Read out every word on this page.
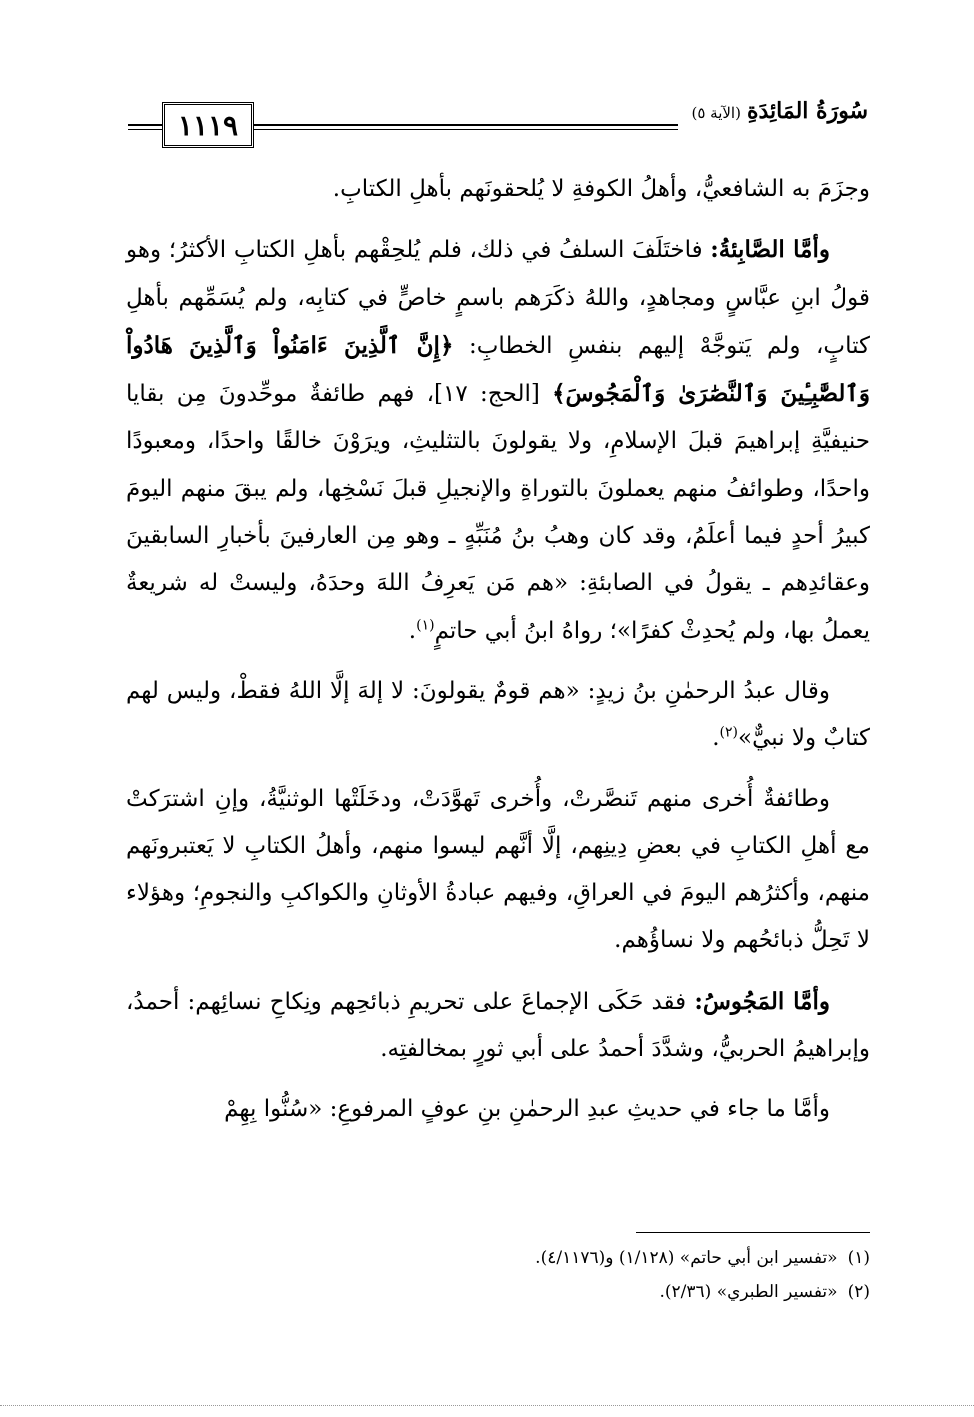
١١١٩	سُورَةُ المَائِدَةِ(الآية ٥)

وجزَمَ به الشافعيُّ، وأهلُ الكوفةِ لا يُلحقونَهم بأهلِ الكتابِ.

وأمَّا الصَّابِئةُ: فاختَلَفَ السلفُ في ذلك، فلم يُلحِقْهم بأهلِ الكتابِ الأكثرُ؛ وهو قولُ ابنِ عبَّاسٍ ومجاهدٍ، واللهُ ذكَرَهم باسمٍ خاصٍّ في كتابِه، ولم يُسَمِّهم بأهلِ كتابٍ، ولم يَتوجَّهْ إليهم بنفسِ الخطابِ: ﴿إِنَّ ٱلَّذِينَ ءَامَنُواْ وَٱلَّذِينَ هَادُواْ وَٱلصَّٰبِـِٔينَ وَٱلنَّصَٰرَىٰ وَٱلْمَجُوسَ﴾ [الحج: ١٧]، فهم طائفةٌ موحِّدونَ مِن بقايا حنيفيَّةِ إبراهيمَ قبلَ الإسلامِ، ولا يقولونَ بالتثليثِ، ويرَوْنَ خالقًا واحدًا، ومعبودًا واحدًا، وطوائفُ منهم يعملونَ بالتوراةِ والإنجيلِ قبلَ نَسْخِها، ولم يبقَ منهم اليومَ كبيرُ أحدٍ فيما أعلَمُ، وقد كان وهبُ بنُ مُنَبِّهٍ ـ وهو مِن العارفينَ بأخبارِ السابقينَ وعقائدِهم ـ يقولُ في الصابئةِ: «هم مَن يَعرِفُ اللهَ وحدَهُ، وليستْ له شريعةٌ يعملُ بها، ولم يُحدِثْ كفرًا»؛ رواهُ ابنُ أبي حاتمٍ$^{(١)}$.

وقال عبدُ الرحمٰنِ بنُ زيدٍ: «هم قومٌ يقولونَ: لا إلهَ إلَّا اللهُ فقطْ، وليس لهم كتابٌ ولا نبيٌّ»$^{(٢)}$.

وطائفةٌ أُخرى منهم تَنصَّرتْ، وأُخرى تَهوَّدَتْ، ودخَلَتْها الوثنيَّةُ، وإنِ اشترَكتْ مع أهلِ الكتابِ في بعضِ دِينِهم، إلَّا أنَّهم ليسوا منهم، وأهلُ الكتابِ لا يَعتبرونَهم منهم، وأكثرُهم اليومَ في العراقِ، وفيهم عبادةُ الأوثانِ والكواكبِ والنجومِ؛ وهؤلاء لا تَحِلُّ ذبائحُهم ولا نساؤُهم.

وأمَّا المَجُوسُ: فقد حَكَى الإجماعَ على تحريمِ ذبائحِهم ونِكاحِ نسائِهم: أحمدُ، وإبراهيمُ الحربيُّ، وشدَّدَ أحمدُ على أبي ثورٍ بمخالفتِه.

وأمَّا ما جاء في حديثِ عبدِ الرحمٰنِ بنِ عوفٍ المرفوعِ: «سُنُّوا بِهِمْ

(١)«تفسير ابن أبي حاتم» (١/١٢٨) و(٤/١١٧٦).

(٢)«تفسير الطبري» (٢/٣٦).
